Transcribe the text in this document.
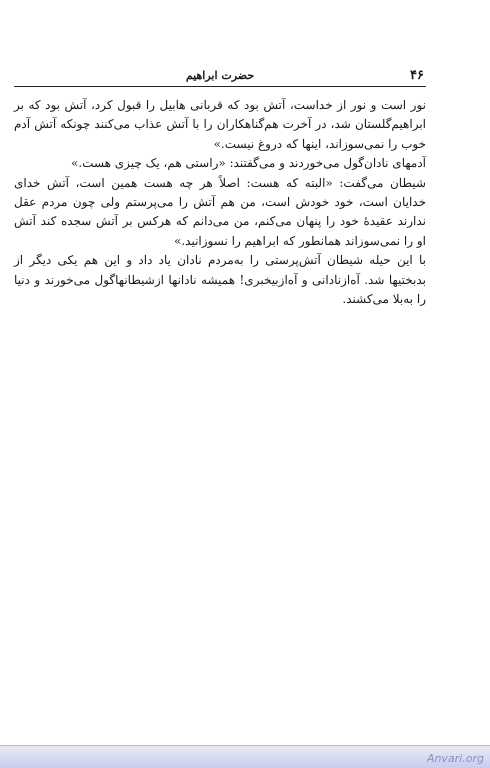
۴۶
حضرت ابراهیم

نور است و نور از خداست، آتش بود که قربانی هابیل را قبول کرد، آتش بود که بر ابراهیم‌گلستان شد، در آخرت هم‌گناهکاران را با آتش عذاب می‌کنند چونکه آتش آدم خوب را نمی‌سوزاند، اینها که دروغ نیست.»

آدمهای نادان‌گول می‌خوردند و می‌گفتند: «راستی هم، یک چیزی هست.»

شیطان می‌گفت: «البته که هست: اصلاً هر چه هست همین است، آتش خدای خدایان است، خود خودش است، من هم آتش را می‌پرستم ولی چون مردم عقل ندارند عقیدهٔ خود را پنهان می‌کنم، من می‌دانم که هرکس بر آتش سجده کند آتش او را نمی‌سوزاند همانطور که ابراهیم را نسوزانید.»

با این حیله شیطان آتش‌پرستی را به‌مردم نادان یاد داد و این هم یکی دیگر از بدبختیها شد. آه‌ازنادانی و آه‌ازبیخبری! همیشه نادانها ازشیطانهاگول می‌خورند و دنیا را به‌بلا می‌کشند.

Anvari.org
